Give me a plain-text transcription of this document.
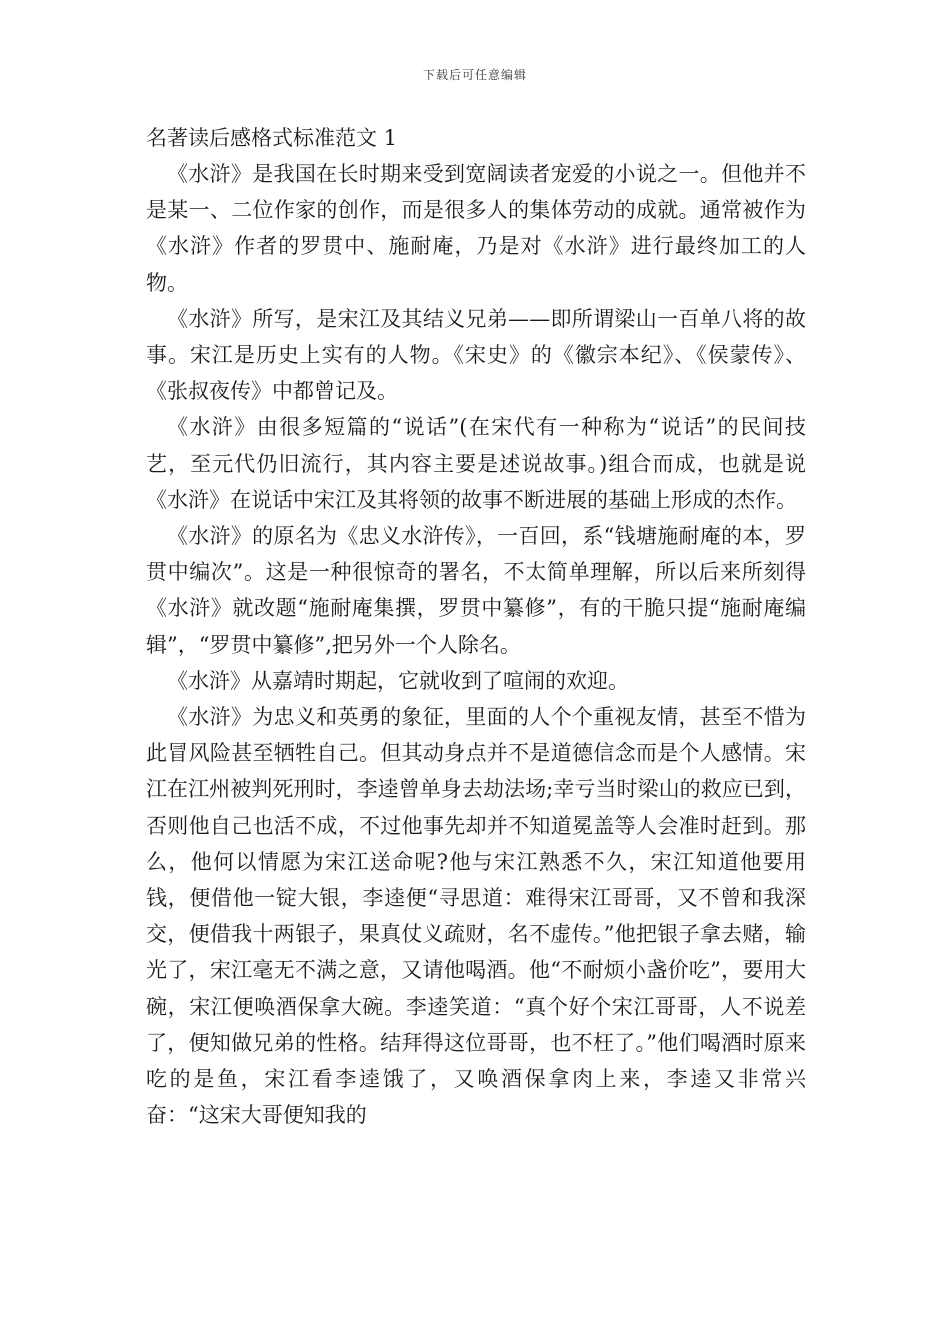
下载后可任意编辑
名著读后感格式标准范文 1

《水浒》是我国在长时期来受到宽阔读者宠爱的小说之一。但他并不是某一、二位作家的创作，而是很多人的集体劳动的成就。通常被作为《水浒》作者的罗贯中、施耐庵，乃是对《水浒》进行最终加工的人物。

《水浒》所写，是宋江及其结义兄弟——即所谓梁山一百单八将的故事。宋江是历史上实有的人物。《宋史》的《徽宗本纪》、《侯蒙传》、《张叔夜传》中都曾记及。

《水浒》由很多短篇的“说话”(在宋代有一种称为“说话”的民间技艺，至元代仍旧流行，其内容主要是述说故事。)组合而成，也就是说《水浒》在说话中宋江及其将领的故事不断进展的基础上形成的杰作。

《水浒》的原名为《忠义水浒传》，一百回，系“钱塘施耐庵的本，罗贯中编次”。这是一种很惊奇的署名，不太简单理解，所以后来所刻得《水浒》就改题“施耐庵集撰，罗贯中纂修”，有的干脆只提“施耐庵编辑”，“罗贯中纂修”,把另外一个人除名。

《水浒》从嘉靖时期起，它就收到了喧闹的欢迎。

《水浒》为忠义和英勇的象征，里面的人个个重视友情，甚至不惜为此冒风险甚至牺牲自己。但其动身点并不是道德信念而是个人感情。宋江在江州被判死刑时，李逵曾单身去劫法场;幸亏当时梁山的救应已到，否则他自己也活不成，不过他事先却并不知道冕盖等人会准时赶到。那么，他何以情愿为宋江送命呢?他与宋江熟悉不久，宋江知道他要用钱，便借他一锭大银，李逵便“寻思道：难得宋江哥哥，又不曾和我深交，便借我十两银子，果真仗义疏财，名不虚传。”他把银子拿去赌，输光了，宋江毫无不满之意，又请他喝酒。他“不耐烦小盏价吃”，要用大碗，宋江便唤酒保拿大碗。李逵笑道：“真个好个宋江哥哥，人不说差了，便知做兄弟的性格。结拜得这位哥哥，也不枉了。”他们喝酒时原来吃的是鱼，宋江看李逵饿了，又唤酒保拿肉上来，李逵又非常兴奋：“这宋大哥便知我的
